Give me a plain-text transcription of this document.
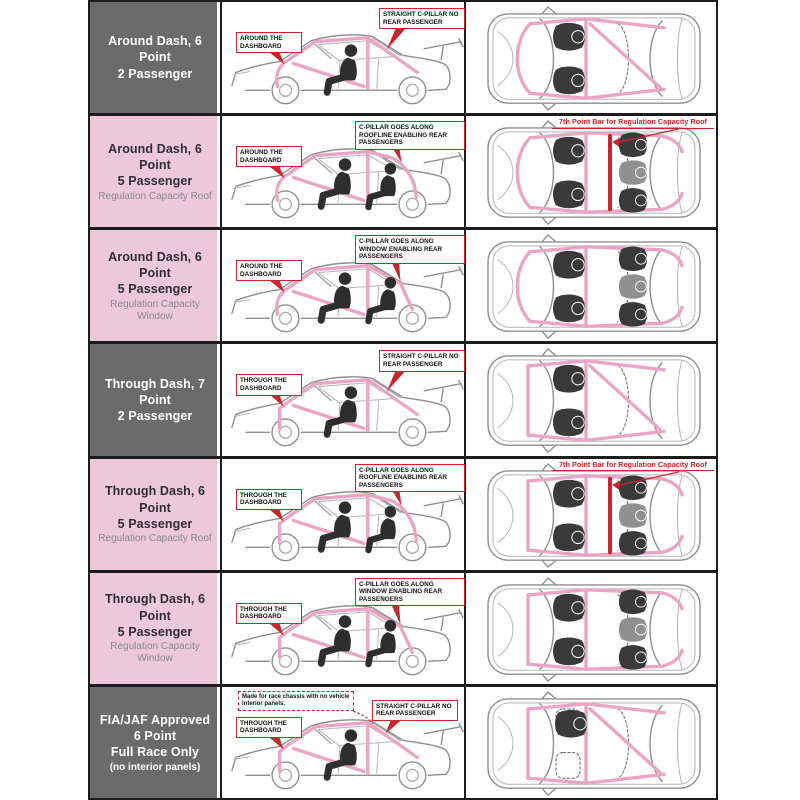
Around Dash, 6 Point
2 Passenger
AROUND THE DASHBOARD
STRAIGHT C-PILLAR NO REAR PASSENGER
Around Dash, 6 Point
5 Passenger
Regulation Capacity Roof
AROUND THE DASHBOARD
C-PILLAR GOES ALONG ROOFLINE ENABLING REAR PASSENGERS
7th Point Bar for Regulation Capacity Roof
Around Dash, 6 Point
5 Passenger
Regulation Capacity Window
AROUND THE DASHBOARD
C-PILLAR GOES ALONG WINDOW ENABLING REAR PASSENGERS
Through Dash, 7 Point
2 Passenger
THROUGH THE DASHBOARD
STRAIGHT C-PILLAR NO REAR PASSENGER
Through Dash, 6 Point
5 Passenger
Regulation Capacity Roof
THROUGH THE DASHBOARD
C-PILLAR GOES ALONG ROOFLINE ENABLING REAR PASSENGERS
7th Point Bar for Regulation Capacity Roof
Through Dash, 6 Point
5 Passenger
Regulation Capacity Window
THROUGH THE DASHBOARD
C-PILLAR GOES ALONG WINDOW ENABLING REAR PASSENGERS
FIA/JAF Approved
6 Point
Full Race Only
(no interior panels)
Made for race chassis with no vehicle interior panels.
THROUGH THE DASHBOARD
STRAIGHT C-PILLAR NO REAR PASSENGER
